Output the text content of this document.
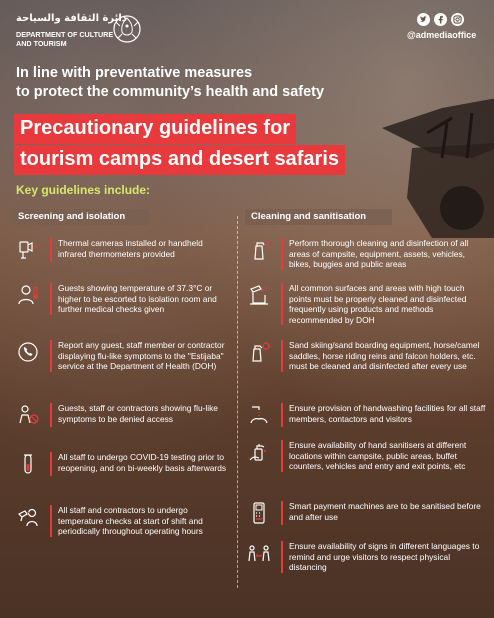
دائرة الثقافة والسياحة
DEPARTMENT OF CULTURE AND TOURISM
@admediaoffice
In line with preventative measures
to protect the community’s health and safety
Precautionary guidelines for
tourism camps and desert safaris
Key guidelines include:
Screening and isolation	Cleaning and sanitisation
Thermal cameras installed or handheld infrared thermometers provided
Guests showing temperature of 37.3°C or higher to be escorted to isolation room and further medical checks given
Report any guest, staff member or contractor displaying flu-like symptoms to the "Estijaba" service at the Department of Health (DOH)
Guests, staff or contractors showing flu-like symptoms to be denied access
All staff to undergo COVID-19 testing prior to reopening, and on bi-weekly basis afterwards
All staff and contractors to undergo temperature checks at start of shift and periodically throughout operating hours
Perform thorough cleaning and disinfection of all areas of campsite, equipment, assets, vehicles, bikes, buggies and public areas
All common surfaces and areas with high touch points must be properly cleaned and disinfected frequently using products and methods recommended by DOH
Sand skiing/sand boarding equipment, horse/camel saddles, horse riding reins and falcon holders, etc. must be cleaned and disinfected after every use
Ensure provision of handwashing facilities for all staff members, contactors and visitors
Ensure availability of hand sanitisers at different locations within campsite, public areas, buffet counters, vehicles and entry and exit points, etc
Smart payment machines are to be sanitised before and after use
Ensure availability of signs in different languages to remind and urge visitors to respect physical distancing
